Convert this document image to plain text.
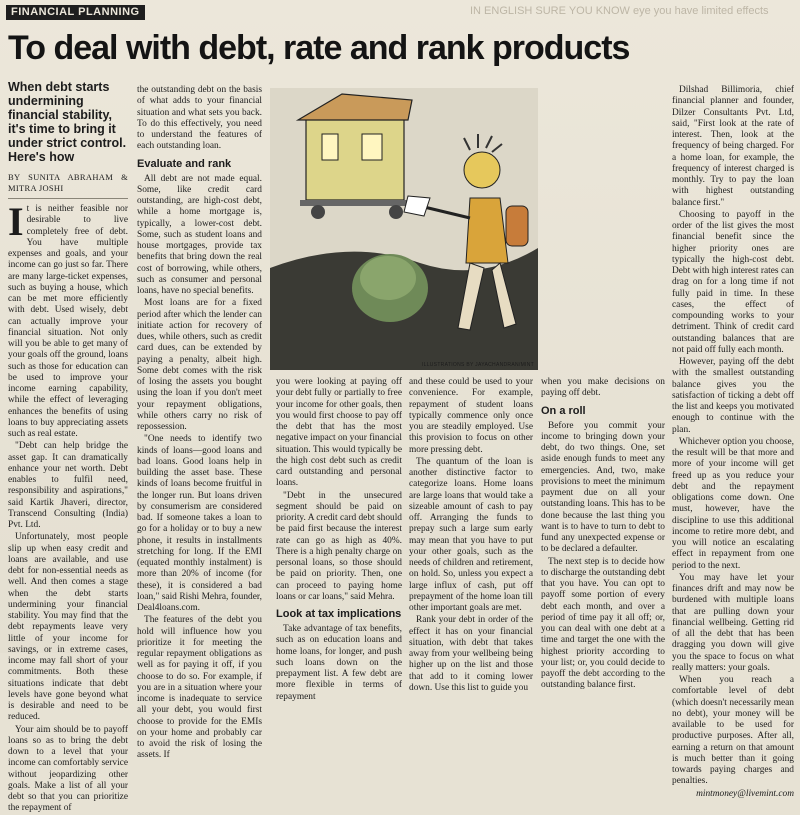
FINANCIAL PLANNING	IN ENGLISH SURE YOU KNOW eye you have limited effects
To deal with debt, rate and rank products
When debt starts undermining financial stability, it's time to bring it under strict control. Here's how
BY SUNITA ABRAHAM & MITRA JOSHI

It is neither feasible nor desirable to live completely free of debt. You have multiple expenses and goals, and your income can go just so far. There are many large-ticket expenses, such as buying a house, which can be met more efficiently with debt. Used wisely, debt can actually improve your financial situation. Not only will you be able to get many of your goals off the ground, loans such as those for education can be used to improve your income earning capability, while the effect of leveraging enhances the benefits of using loans to buy appreciating assets such as real estate.

"Debt can help bridge the asset gap. It can dramatically enhance your net worth. Debt enables to fulfil need, responsibility and aspirations," said Kartik Jhaveri, director, Transcend Consulting (India) Pvt. Ltd.

Unfortunately, most people slip up when easy credit and loans are available, and use debt for non-essential needs as well. And then comes a stage when the debt starts undermining your financial stability. You may find that the debt repayments leave very little of your income for savings, or in extreme cases, income may fall short of your commitments. Both these situations indicate that debt levels have gone beyond what is desirable and need to be reduced.

Your aim should be to payoff loans so as to bring the debt down to a level that your income can comfortably service without jeopardizing other goals. Make a list of all your debt so that you can prioritize the repayment of

the outstanding debt on the basis of what adds to your financial situation and what sets you back. To do this effectively, you need to understand the features of each outstanding loan.

Evaluate and rank

All debt are not made equal. Some, like credit card outstanding, are high-cost debt, while a home mortgage is, typically, a lower-cost debt. Some, such as student loans and house mortgages, provide tax benefits that bring down the real cost of borrowing, while others, such as consumer and personal loans, have no special benefits.

Most loans are for a fixed period after which the lender can initiate action for recovery of dues, while others, such as credit card dues, can be extended by paying a penalty, albeit high. Some debt comes with the risk of losing the assets you bought using the loan if you don't meet your repayment obligations, while others carry no risk of repossession.

"One needs to identify two kinds of loans—good loans and bad loans. Good loans help in building the asset base. These kinds of loans become fruitful in the longer run. But loans driven by consumerism are considered bad. If someone takes a loan to go for a holiday or to buy a new phone, it results in installments stretching for long. If the EMI (equated monthly instalment) is more than 20% of income (for these), it is considered a bad loan," said Rishi Mehra, founder, Deal4loans.com.

The features of the debt you hold will influence how you prioritize it for meeting the regular repayment obligations as well as for paying it off, if you choose to do so. For example, if you are in a situation where your income is inadequate to service all your debt, you would first choose to provide for the EMIs on your home and probably car to avoid the risk of losing the assets. If

ILLUSTRATIONS BY JAYACHANDRAN/MINT

you were looking at paying off your debt fully or partially to free your income for other goals, then you would first choose to pay off the debt that has the most negative impact on your financial situation. This would typically be the high cost debt such as credit card outstanding and personal loans.

"Debt in the unsecured segment should be paid on priority. A credit card debt should be paid first because the interest rate can go as high as 40%. There is a high penalty charge on personal loans, so those should be paid on priority. Then, one can proceed to paying home loans or car loans," said Mehra.

Look at tax implications

Take advantage of tax benefits, such as on education loans and home loans, for longer, and push such loans down on the prepayment list. A few debt are more flexible in terms of repayment

and these could be used to your convenience. For example, repayment of student loans typically commence only once you are steadily employed. Use this provision to focus on other more pressing debt.

The quantum of the loan is another distinctive factor to categorize loans. Home loans are large loans that would take a sizeable amount of cash to pay off. Arranging the funds to prepay such a large sum early may mean that you have to put your other goals, such as the needs of children and retirement, on hold. So, unless you expect a large influx of cash, put off prepayment of the home loan till other important goals are met.

Rank your debt in order of the effect it has on your financial situation, with debt that takes away from your wellbeing being higher up on the list and those that add to it coming lower down. Use this list to guide you

when you make decisions on paying off debt.

On a roll

Before you commit your income to bringing down your debt, do two things. One, set aside enough funds to meet any emergencies. And, two, make provisions to meet the minimum payment due on all your outstanding loans. This has to be done because the last thing you want is to have to turn to debt to fund any unexpected expense or to be declared a defaulter.

The next step is to decide how to discharge the outstanding debt that you have. You can opt to payoff some portion of every debt each month, and over a period of time pay it all off; or, you can deal with one debt at a time and target the one with the highest priority according to your list; or, you could decide to payoff the debt according to the outstanding balance first.

Dilshad Billimoria, chief financial planner and founder, Dilzer Consultants Pvt. Ltd, said, "First look at the rate of interest. Then, look at the frequency of being charged. For a home loan, for example, the frequency of interest charged is monthly. Try to pay the loan with highest outstanding balance first."

Choosing to payoff in the order of the list gives the most financial benefit since the higher priority ones are typically the high-cost debt. Debt with high interest rates can drag on for a long time if not fully paid in time. In these cases, the effect of compounding works to your detriment. Think of credit card outstanding balances that are not paid off fully each month.

However, paying off the debt with the smallest outstanding balance gives you the satisfaction of ticking a debt off the list and keeps you motivated enough to continue with the plan.

Whichever option you choose, the result will be that more and more of your income will get freed up as you reduce your debt and the repayment obligations come down. One must, however, have the discipline to use this additional income to retire more debt, and you will notice an escalating effect in repayment from one period to the next.

You may have let your finances drift and may now be burdened with multiple loans that are pulling down your financial wellbeing. Getting rid of all the debt that has been dragging you down will give you the space to focus on what really matters: your goals.

When you reach a comfortable level of debt (which doesn't necessarily mean no debt), your money will be available to be used for productive purposes. After all, earning a return on that amount is much better than it going towards paying charges and penalties.

mintmoney@livemint.com
